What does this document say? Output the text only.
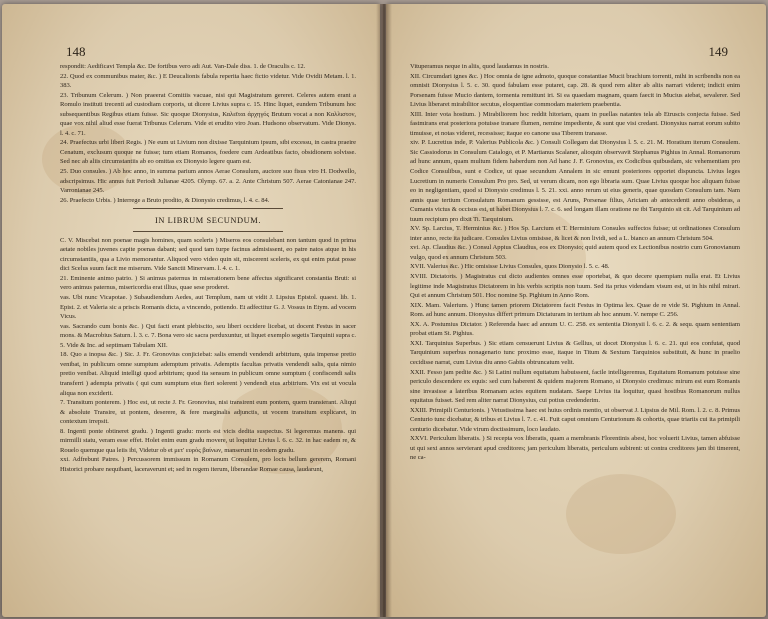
148

respondit: Aedificavi Templa &c. De fortibus vero adi Aut. Van-Dale diss. 1. de Oraculis c. 12.

22. Quod ex communibus mater, &c. ) E Deucalionis fabula reperita haec fictio videtur. Vide Ovidii Metam. l. 1. 383.

23. Tribunum Celerum. ) Non praeerat Comitiis vacuae, nisi qui Magistratum gereret. Celeres autem erant a Romulo instituti trecenti ad custodiam corporis, ut dicere Livius supra c. 15. Hinc liquet, eundem Tribunum hoc subsequentibus Regibus etiam fuisse. Sic quoque Dionysius, Καλεῖται ἀρχηγός Brutum vocat a non Καλλιστον, quae vox nihil aliud esse fuerat Tribunus Celerum. Vide et erudito viro Joan. Hudsono observatum. Vide Dionys. l. 4. c. 71.

24. Praefectus urbi liberi Regis. ) Ne eum ut Livium non dixisse Tarquinium ipsum, sibi excessu, in castra praeire Cenatum, exclusum quoque ne fuisse; tum etiam Romanos, foedere cum Ardeatibus facto, obsidionem solvisse. Sed nec ab aliis circumstantiis ab eo omittas ex Dionysio legere quam est.

25. Duo consules. ) Ab hoc anno, in summa parium annos Aerae Consulum, auctore suo fisus viro H. Dodwello, adscripsimus. Hic annus fuit Periodi Julianae 4205. Olymp. 67. a. 2. Ante Christum 507. Aerae Catonianae 247. Varronianae 245.

26. Praefecto Urbis. ) Interrege a Bruto prodito, & Dionysio credimus, l. 4. c. 84.

IN LIBRUM SECUNDUM.

C. V. Miscebat non poenae magis homines, quam sceleris ) Miseros eos consulebant non tantum quod in prima aetate nobiles juvenes capite poenas dabant; sed quod tam turpe facinus admisissent, eo patre natos atque in his circumstantiis, qua a Livio memorantur. Aliquod vero video quin sit, miscerent sceleris, ex qui enim putat posse dici Scelus suum facit me miserum. Vide Sanctii Minervam. l. 4. c. 1.

21. Eminente animo patrio. ) Si animus paternus in miserationem bene affectus significaret constantia Bruti: si vero animus paternus, misericordia erat illius, quae sese proderet.

vas. Ubi nunc Vicapotae. ) Subaudiendum Aedes, aut Templum, nam ut vidit J. Lipsius Epistol. quaest. lib. 1. Epist. 2. et Valeria sic a priscis Romanis dicta, a vincendo, potiendo. Et adfectitur G. J. Vossus in Etym. ad vocem Vicus.

vas. Sacrando cum bonis &c. ) Qui facti erant plebiscito, seu liberi occidere licebat, ut docent Festus in sacer mons. & Macrobius Saturn. l. 3. c. 7. Bona vero sic sacra perduxuntur, ut liquet exemplo segetis Tarquinii supra c. 5. Vide & Inc. ad septimam Tabulam XII.

18. Quo a inopsa &c. ) Sic. J. Fr. Gronovius conjiciebat: salis emendi vendendi arbitrium, quia impense pretio venibat, in publicum omne sumptum ademptum privatis. Ademptis facultas privatis vendendi salis, quia nimio pretio venibat. Aliquid intelligi quod arbitrium; quod ita sensum in publicum omne sumptum ( confiscendi salis transferri ) adempta privatis ( qui cum sumptum eius fieri solerent ) vendendi eius arbitrium. Vix est ut vocula aliqua non exciderit.

7. Transitum ponterem. ) Hoc est, ut recte J. Fr. Gronovius, nisi transirent eum pontem, quem transierant. Aliqui & absolute Transire, ut pontem, deserere, & fere marginalis adjunctis, ut vocem transitum explicaret, in contextum irrepsit.

8. Ingenti ponte obtineret gradu. ) Ingenti gradu: moris est vicis dedita suspectus. Si legeremus manens. qui mirmilli statu, veram esse effet. Holet enim eum gradu movere, ut loquitur Livius l. 6. c. 32. in hac eadem re, & Rouelo quemque qua leiis ibi, Videtur ob et μετ' ευρὸς βαίνων, manserunt in eodem gradu.

xxi. Adfrebunt Patres. ) Percussorem immissum in Romanum Consulem, pro locis bellum gererem, Romani Historici probare nequibant, laceraverunt et; sed in regem iterum, liberandae Romae causa, laudarunt,

149

Vituperamus neque in aliis, quod laudamus in nostris.

XII. Circumdari ignes &c. ) Hoc omnia de igne admoto, quoque constantiae Mucii brachium torrenti, mihi in scribendis non ea omnisit Dionysius l. 5. c. 30. quod fabulam esse putaret, cap. 28. & quod rem aliter ab aliis narrari videret; indicit enim Porsenam fuisse Mucio dantem, tormenta remittunt iri. Si ea quaedam magnam, quam faecit in Mucius aiebat, sevalerer. Sed Livius liberaret mirabilitor secutus, eloquentiae commodam materiem praebentia.

XIII. Inter vota hostium. ) Mirabiliorem hoc reddit hitoriam, quam in puellas natantes tela ab Etruscis conjecta fuisse. Sed fastmirans erat posteriora potuisse tranare flumen, nemine impediente, & sunt que visi credant. Dionysius narrat eorum subito timuisse, et notas videret, recessisse; itaque eo canone usa Tiberem tranasse.

xiv. P. Lucretius inde, P. Valerius Publicola &c. ) Consuli Collegam dat Dionysius l. 5. c. 21. M. Horatium iterum Consulem. Sic Cassiodorus in Consulum Catalogo, et P. Martianus Scalaner, alioquin observavit Stephanus Pighius in Annal. Romanorum ad hunc annum, quam multum fidem haberdum non Ad hanc J. F. Gronovius, ex Codicibus quibusdam, sic vehementiam pro Codice Consulibus, sunt e Codice, ut quae secundum Annalem in sic emunt posteriores opportet dispuncta. Livius leges Lucretium in numeris Consulum Pro pro. Sed, ut verum dicam, non ego libraria sum. Quae Livius quoque hoc aliquam fuisse eo in negligentiam, quod si Dionysio credimus l. 5. 21. xxi. anno rerum ut eius generis, quae quosdam Consulum tam. Nam annis quae tertium Consulatum Romanum gessisse, est Aruns, Porsenae filius, Ariciam ab antecedenti anno obsideras, a Cumanis victus & occisus est, ut habet Dionysius l. 7. c. 6. sed longam illam oratione ne ibi Tarquinio sit cit. Ad Tarquinium ad tuum recipium pro dixit Ti. Tarquinium.

XV. Sp. Larcius, T. Herminius &c. ) Hos Sp. Larcium et T. Herminium Consules suffectos fuisse; ut ordinationes Consulum inter anno, recte ita judicare. Consules Livius omisisse, & licet & non lividi, sed a L. bianco an annum Christum 504.

xvi. Ap. Claudius &c. ) Consul Appius Claudius, eos ex Dionysio; quid autem quod ex Lectionibus nostrio cum Gronovianum vulgo, quod ex annum Christum 503.

XVII. Valerius &c. ) Hic omisisse Livius Consules, quos Dionysio l. 5. c. 48.

XVIII. Dictatoris. ) Magistratus cui dicto audientes omnes esse oportebat, & quo decere quempiam nulla erat. Et Livius legitime inde Magistratus Dictatorem in his verbis scriptis non tuum. Sed ita prius videndam visum est, ut in his nihil mirari. Qui et annum Christum 501. Hoc nomine Sp. Pighium in Anno Rom.

XIX. Mam. Valerium. ) Hunc tamen priorem Dictatorem facit Festus in Optima lex. Quae de re vide St. Pighium in Annal. Rom. ad hunc annum. Dionysius differt primum Dictaturam in tertium ab hoc annum. V. nempe C. 256.

XX. A. Postumius Dictator. ) Referenda haec ad annum U. C. 258. ex sententia Dionysii l. 6. c. 2. & sequ. quam sententiam probat etiam St. Pighius.

XXI. Tarquinius Superbus. ) Sic etiam censuerunt Livius & Gellius, ut docet Dionysius l. 6. c. 21. qui eos confutat, quod Tarquinium superbus nonagenario tunc proximo esse, itaque in Titum & Sextum Tarquinios substituit, & hunc in praelio cecidisse narrat, cum Livius diu anno Gabiis obtruncatum velit.

XXII. Fesso jam pedite &c. ) Si Latini nullum equitatum habuissent, facile intelligeremus, Equitatum Romanum potuisse sine periculo descendere ex equis: sed cum haberent & quidem majorem Romano, si Dionysio credimus: mirum est eum Romanis sine invasisse a lateribus Romanam acies equitem nudatam. Saepe Livius ita loquitur, quasi hostibus Romanorum nullus equitatus fuisset. Sed rem aliter narrat Dionysius, cui potius credenderim.

XXIII. Primipili Centurionis. ) Vetustissima haec est huius ordinis mentio, ut observat J. Lipsius de Mil. Rom. l. 2. c. 8. Primus Centurio tunc dicebatur, & tribus et Livius l. 7. c. 41. Fuit caput omnium Centurionum & cohortis, quae triariis cui ita primipili centurio dicebatur. Vide virum doctissimum, loco laudato.

XXVI. Periculum liberatis. ) Si recepta vox liberatis, quam a membranis Florentinis abest, hoc voluerit Livius, tamen abfuisse ut qui sexi annos servierant apud creditores; jam periculum liberatis, periculum subirent: ut contra creditores jam ibi timerent, ne ca-
